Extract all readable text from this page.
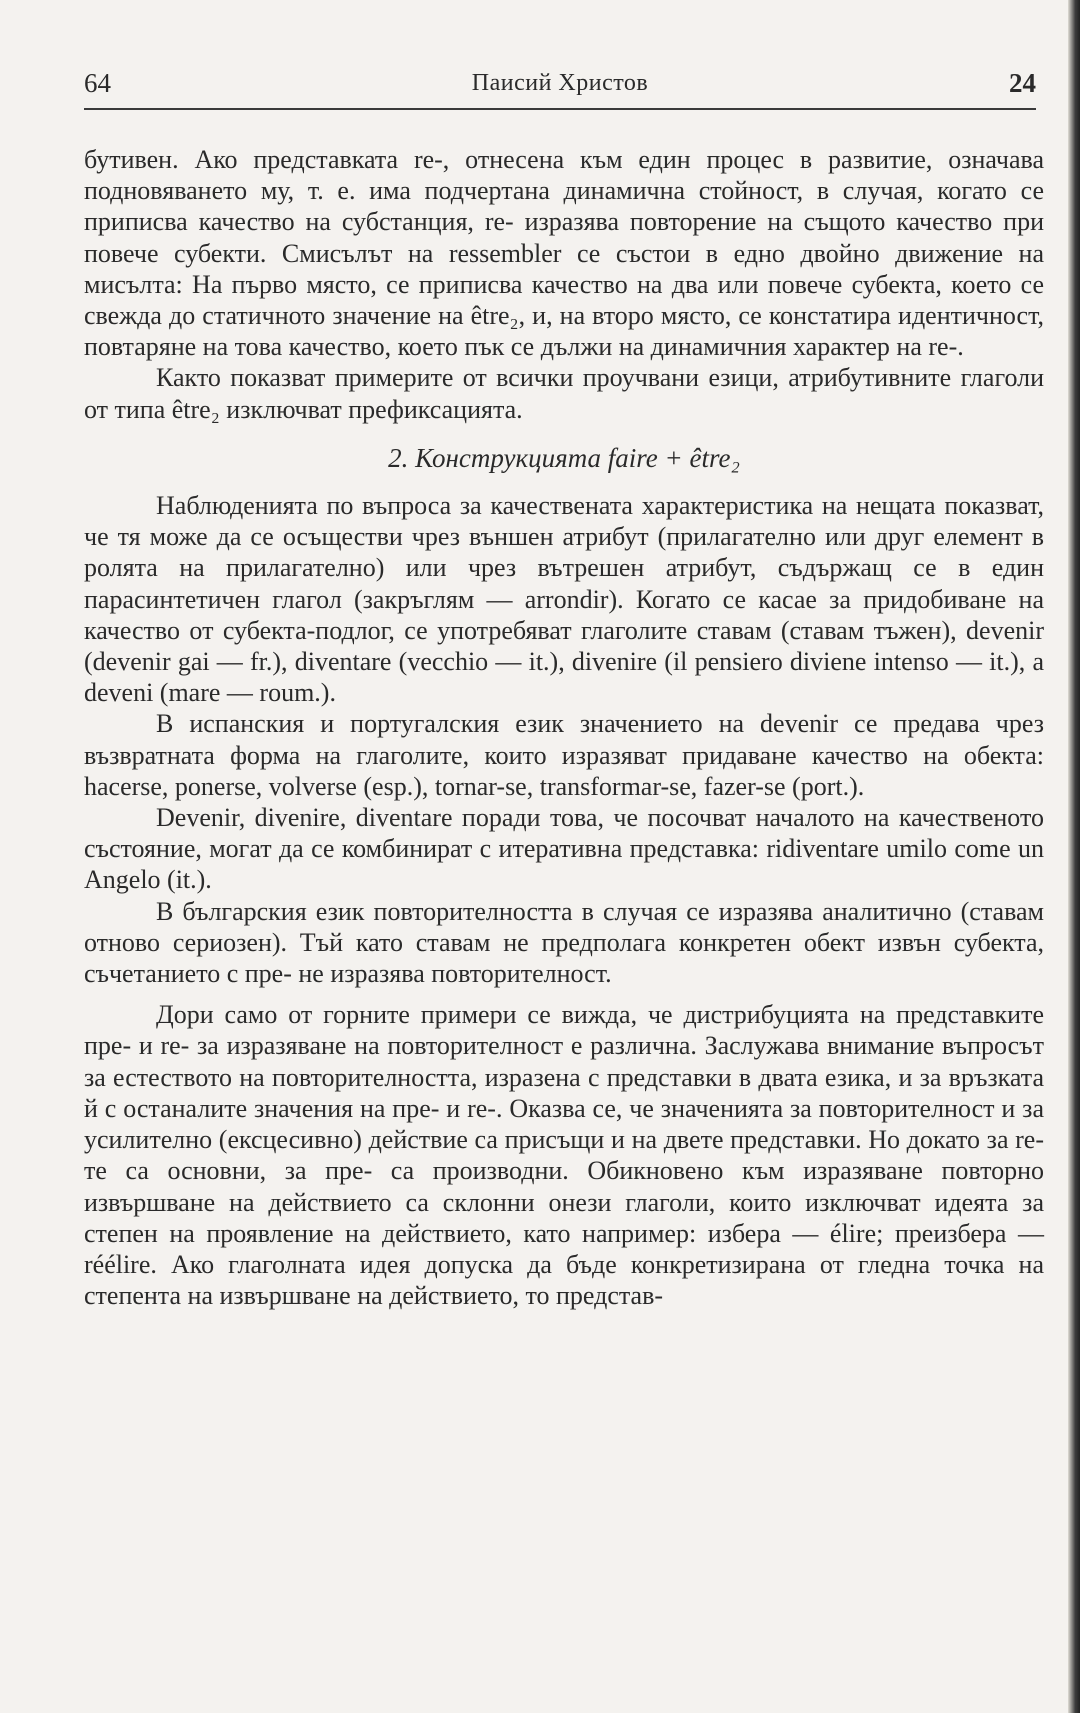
64	Паисий Христов	24

бутивен. Ако представката re-, отнесена към един процес в развитие, означава подновяването му, т. е. има подчертана динамична стойност, в случая, когато се приписва качество на субстанция, re- изразява повторение на същото качество при повече субекти. Смисълът на ressembler се състои в едно двойно движение на мисълта: На първо място, се приписва качество на два или повече субекта, което се свежда до статичното значение на être₂, и, на второ място, се констатира идентичност, повтаряне на това качество, което пък се дължи на динамичния характер на re-.

Както показват примерите от всички проучвани езици, атрибутивните глаголи от типа être₂ изключват префиксацията.

2. Конструкцията faire + être₂

Наблюденията по въпроса за качествената характеристика на нещата показват, че тя може да се осъществи чрез външен атрибут (прилагателно или друг елемент в ролята на прилагателно) или чрез вътрешен атрибут, съдържащ се в един парасинтетичен глагол (закръглям — arrondir). Когато се касае за придобиване на качество от субекта-подлог, се употребяват глаголите ставам (ставам тъжен), devenir (devenir gai — fr.), diventare (vecchio — it.), divenire (il pensiero diviene intenso — it.), a deveni (mare — roum.).

В испанския и португалския език значението на devenir се предава чрез възвратната форма на глаголите, които изразяват придаване качество на обекта: hacerse, ponerse, volverse (esp.), tornar-se, transformar-se, fazer-se (port.).

Devenir, divenire, diventare поради това, че посочват началото на качественото състояние, могат да се комбинират с итеративна представка: ridiventare umilo come un Angelo (it.).

В българския език повторителността в случая се изразява аналитично (ставам отново сериозен). Тъй като ставам не предполага конкретен обект извън субекта, съчетанието с пре- не изразява повторителност.

Дори само от горните примери се вижда, че дистрибуцията на представките пре- и re- за изразяване на повторителност е различна. Заслужава внимание въпросът за естеството на повторителността, изразена с представки в двата езика, и за връзката й с останалите значения на пре- и re-. Оказва се, че значенията за повторителност и за усилително (ексцесивно) действие са присъщи и на двете представки. Но докато за re-те са основни, за пре- са производни. Обикновено към изразяване повторно извършване на действието са склонни онези глаголи, които изключват идеята за степен на проявление на действието, като например: избера — élire; преизбера — réélire. Ако глаголната идея допуска да бъде конкретизирана от гледна точка на степента на извършване на действието, то представ-
